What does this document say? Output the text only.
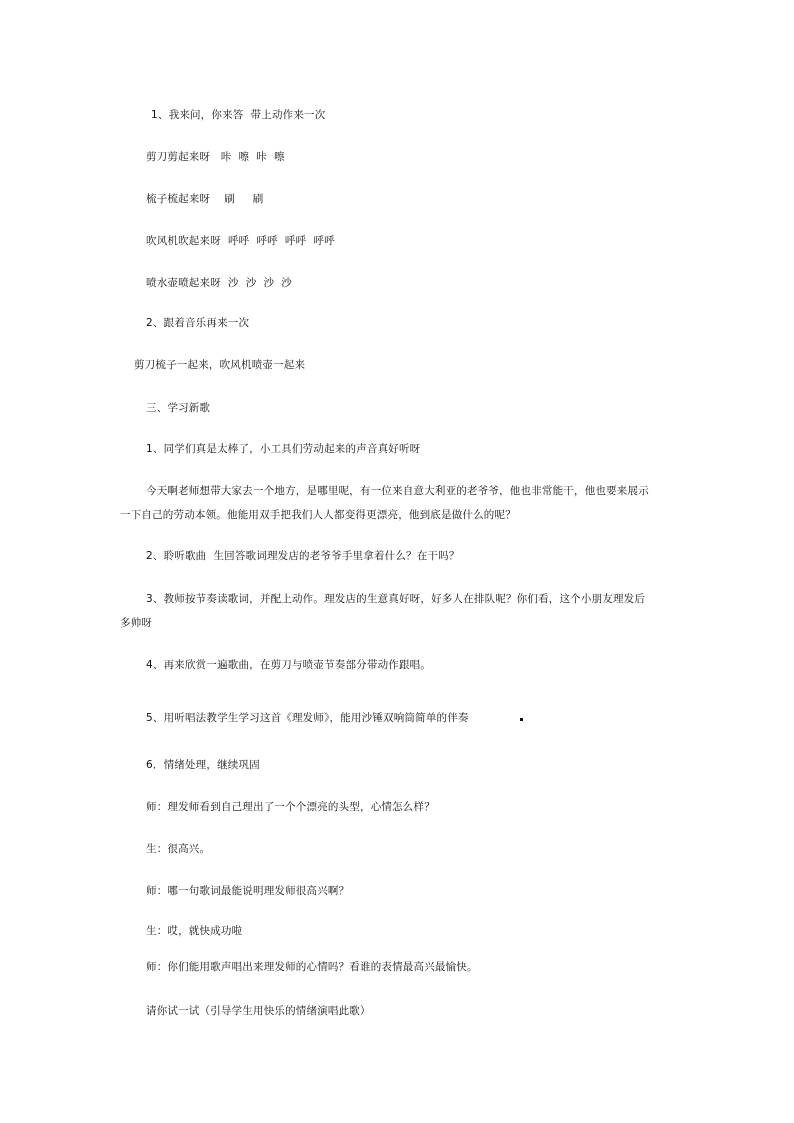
1、我来问，你来答  带上动作来一次
剪刀剪起来呀   咔  嚓  咔  嚓
梳子梳起来呀    刷     刷
吹风机吹起来呀  呼呼  呼呼  呼呼  呼呼
喷水壶喷起来呀  沙  沙  沙  沙
2、跟着音乐再来一次
剪刀梳子一起来，吹风机喷壶一起来
三、学习新歌
1、同学们真是太棒了，小工具们劳动起来的声音真好听呀
今天啊老师想带大家去一个地方，是哪里呢，有一位来自意大利亚的老爷爷，他也非常能干，他也要来展示
一下自己的劳动本领。他能用双手把我们人人都变得更漂亮，他到底是做什么的呢？
2、聆听歌曲  生回答歌词理发店的老爷爷手里拿着什么？在干吗？
3、教师按节奏读歌词，并配上动作。理发店的生意真好呀，好多人在排队呢？你们看，这个小朋友理发后
多帅呀
4、再来欣赏一遍歌曲，在剪刀与喷壶节奏部分带动作跟唱。
5、用听唱法教学生学习这首《理发师》，能用沙锤双响筒简单的伴奏
6．情绪处理，继续巩固
师：理发师看到自己理出了一个个漂亮的头型，心情怎么样？
生：很高兴。
师：哪一句歌词最能说明理发师很高兴啊？
生：哎，就快成功啦
师：你们能用歌声唱出来理发师的心情吗？看谁的表情最高兴最愉快。
请你试一试（引导学生用快乐的情绪演唱此歌）
